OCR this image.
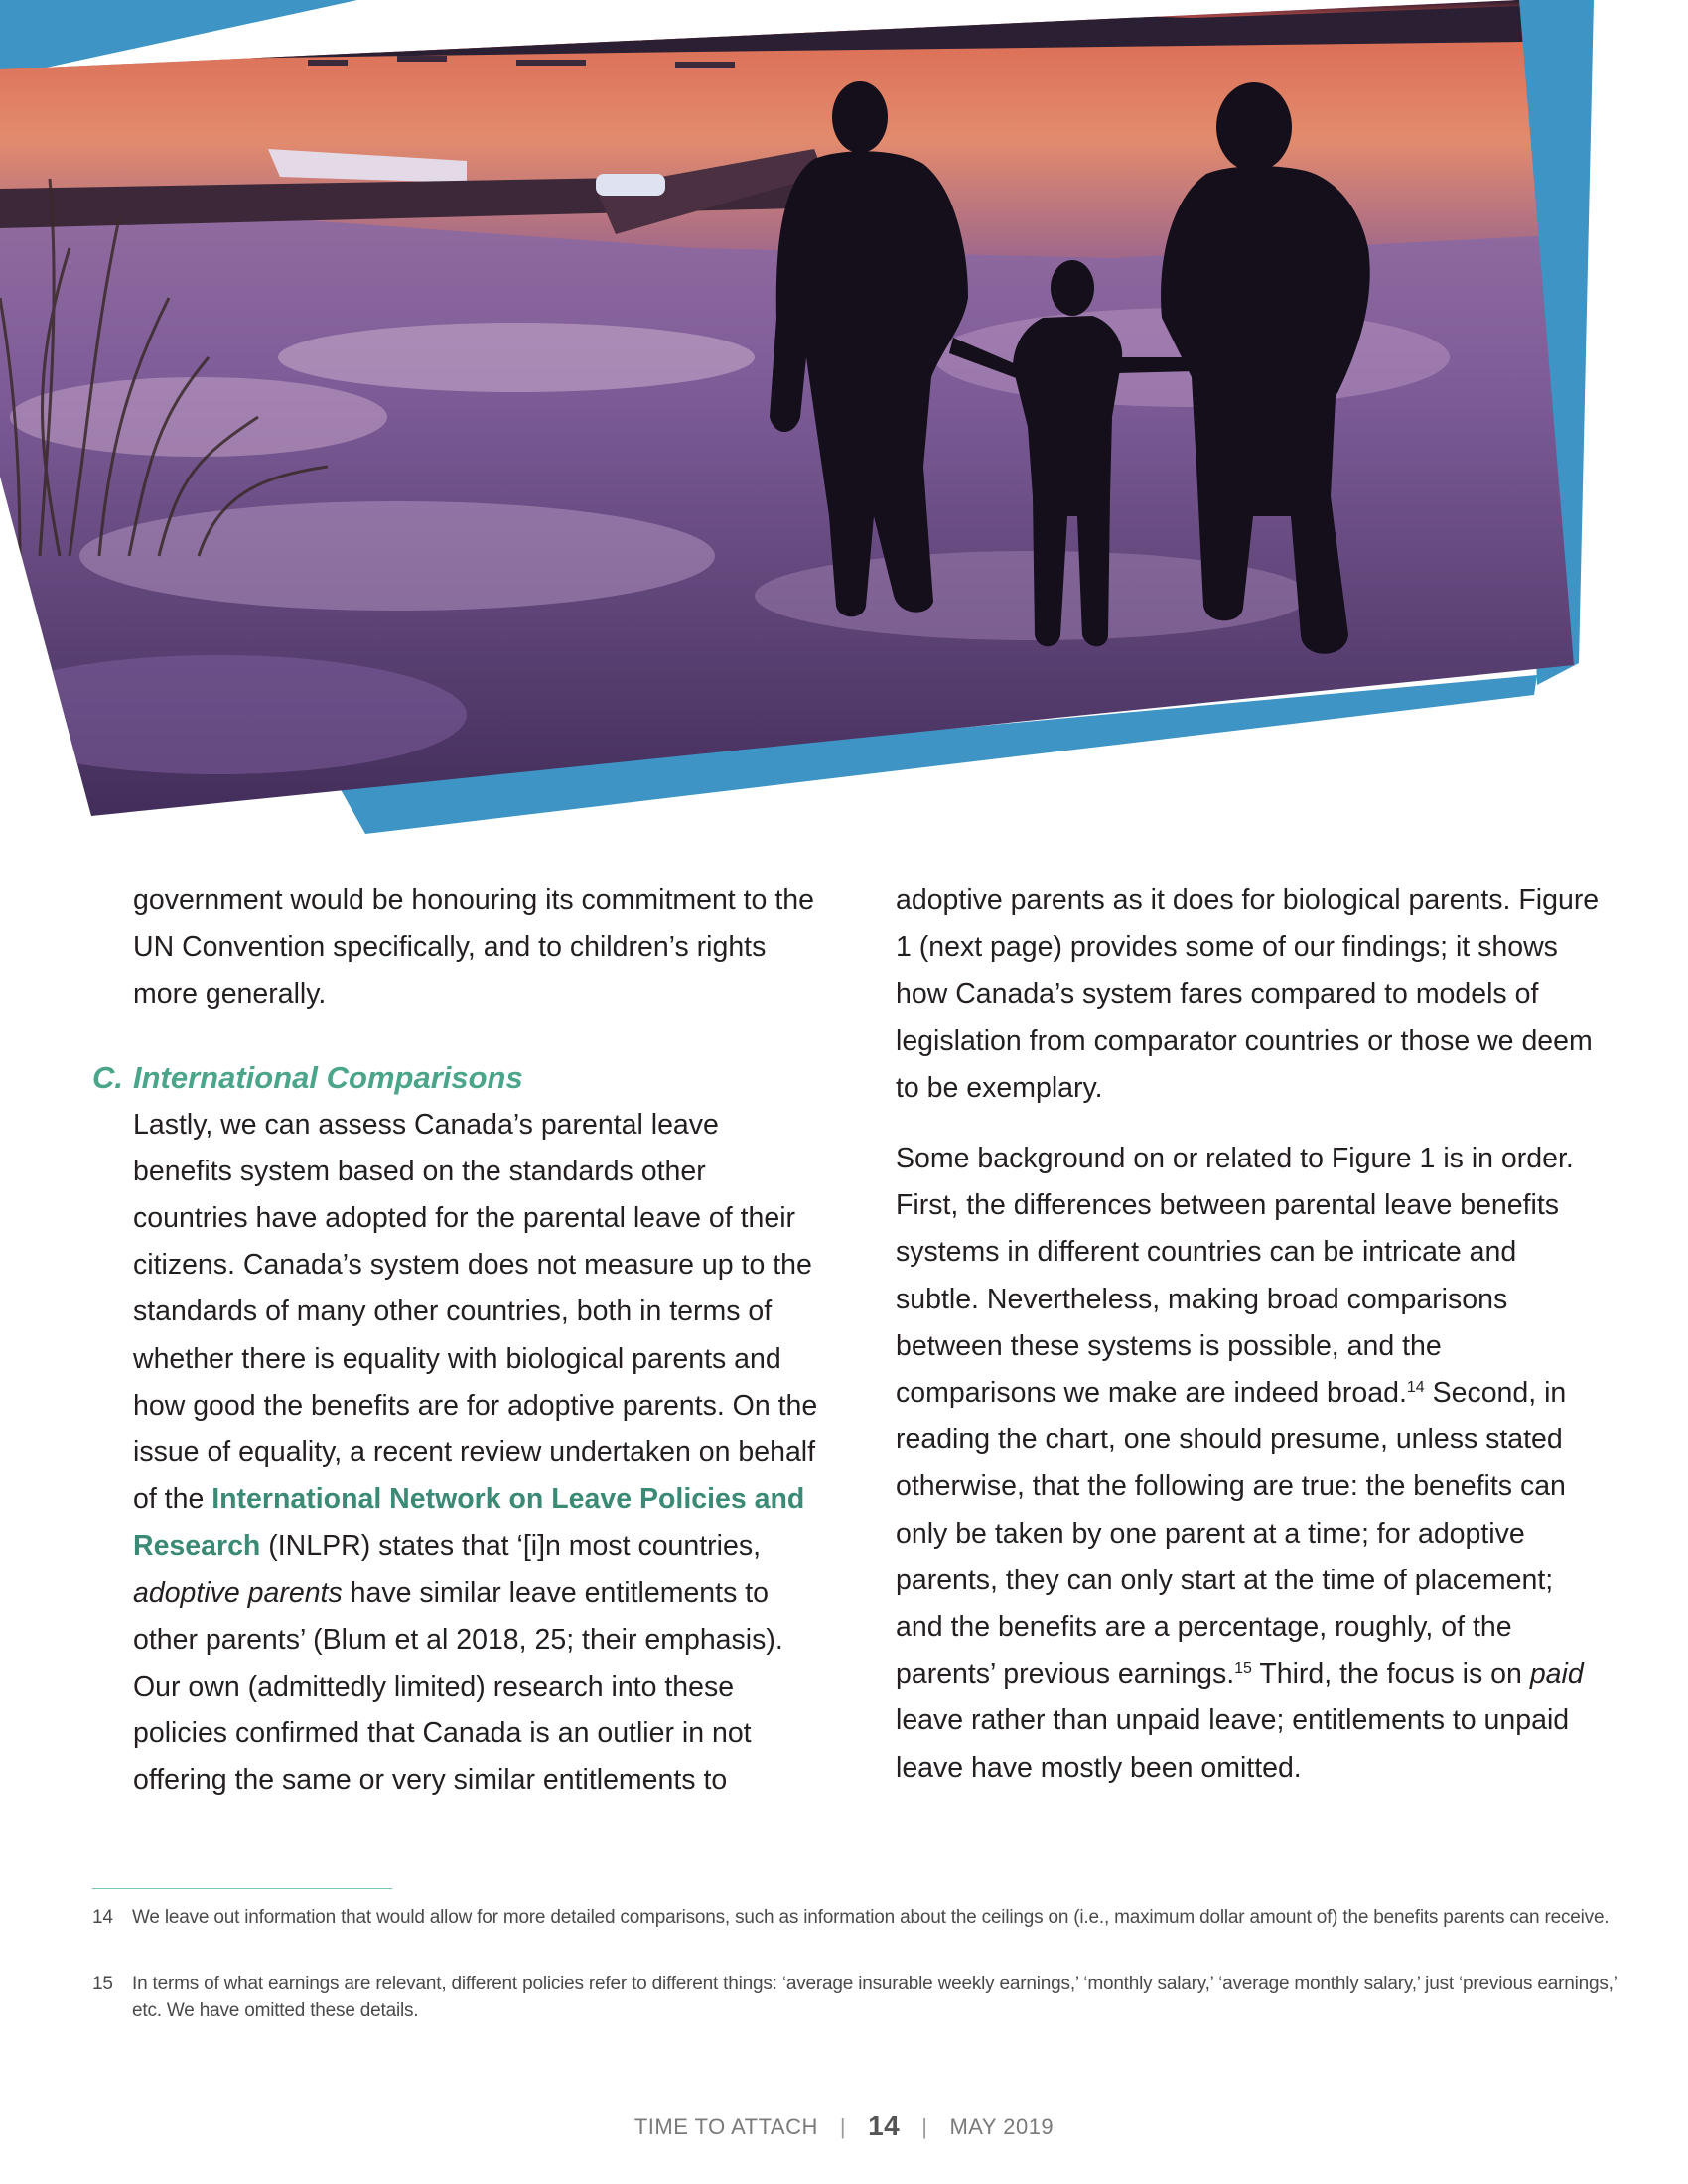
government would be honouring its commitment to the UN Convention specifically, and to children’s rights more generally.

Lastly, we can assess Canada’s parental leave benefits system based on the standards other countries have adopted for the parental leave of their citizens. Canada’s system does not measure up to the standards of many other countries, both in terms of whether there is equality with biological parents and how good the benefits are for adoptive parents. On the issue of equality, a recent review undertaken on behalf of the International Network on Leave Policies and Research (INLPR) states that ‘[i]n most countries, adoptive parents have similar leave entitlements to other parents’ (Blum et al 2018, 25; their emphasis). Our own (admittedly limited) research into these policies confirmed that Canada is an outlier in not offering the same or very similar entitlements to

C. International Comparisons

adoptive parents as it does for biological parents. Figure 1 (next page) provides some of our findings; it shows how Canada’s system fares compared to models of legislation from comparator countries or those we deem to be exemplary.

Some background on or related to Figure 1 is in order. First, the differences between parental leave benefits systems in different countries can be intricate and subtle. Nevertheless, making broad comparisons between these systems is possible, and the comparisons we make are indeed broad.$^{14}$ Second, in reading the chart, one should presume, unless stated otherwise, that the following are true: the benefits can only be taken by one parent at a time; for adoptive parents, they can only start at the time of placement; and the benefits are a percentage, roughly, of the parents’ previous earnings.$^{15}$ Third, the focus is on paid leave rather than unpaid leave; entitlements to unpaid leave have mostly been omitted.

14 We leave out information that would allow for more detailed comparisons, such as information about the ceilings on (i.e., maximum dollar amount of) the benefits parents can receive.

15 In terms of what earnings are relevant, different policies refer to different things: ‘average insurable weekly earnings,’ ‘monthly salary,’ ‘average monthly salary,’ just ‘previous earnings,’ etc. We have omitted these details.

TIME TO ATTACH | 14 | MAY 2019
